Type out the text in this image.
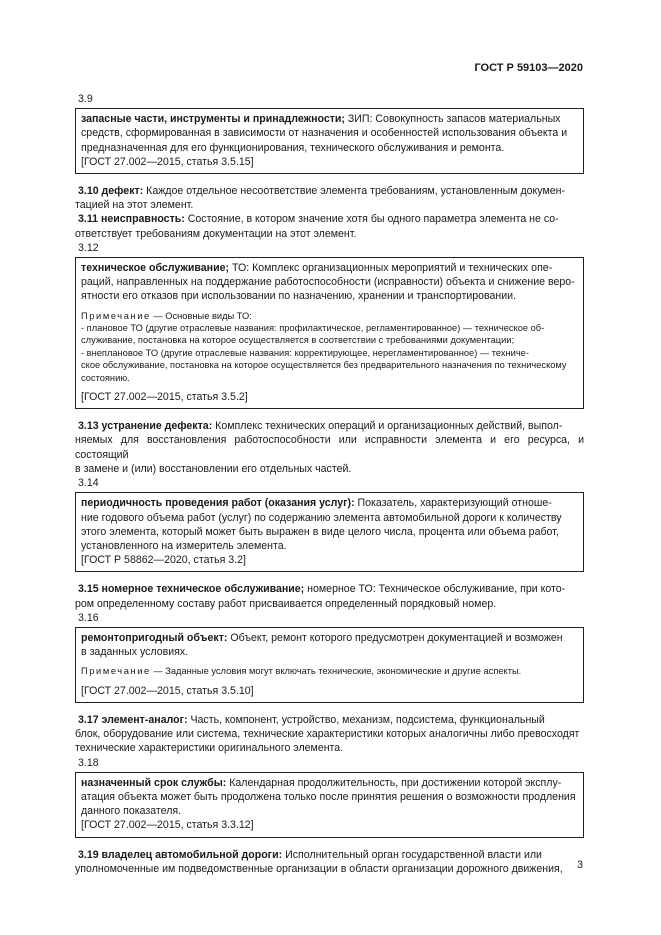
ГОСТ Р 59103—2020

3.9

запасные части, инструменты и принадлежности; ЗИП: Совокупность запасов материальных

средств, сформированная в зависимости от назначения и особенностей использования объекта и

предназначенная для его функционирования, технического обслуживания и ремонта.

[ГОСТ 27.002—2015, статья 3.5.15]

3.10 дефект: Каждое отдельное несоответствие элемента требованиям, установленным докумен-

тацией на этот элемент.

3.11 неисправность: Состояние, в котором значение хотя бы одного параметра элемента не со-

ответствует требованиям документации на этот элемент.

3.12

техническое обслуживание; ТО: Комплекс организационных мероприятий и технических опе-

раций, направленных на поддержание работоспособности (исправности) объекта и снижение веро-

ятности его отказов при использовании по назначению, хранении и транспортировании.

Примечание — Основные виды ТО:

- плановое ТО (другие отраслевые названия: профилактическое, регламентированное) — техническое об-

служивание, постановка на которое осуществляется в соответствии с требованиями документации;

- внеплановое ТО (другие отраслевые названия: корректирующее, нерегламентированное) — техниче-

ское обслуживание, постановка на которое осуществляется без предварительного назначения по техническому

состоянию.

[ГОСТ 27.002—2015, статья 3.5.2]

3.13 устранение дефекта: Комплекс технических операций и организационных действий, выпол-

няемых для восстановления работоспособности или исправности элемента и его ресурса, и состоящий

в замене и (или) восстановлении его отдельных частей.

3.14

периодичность проведения работ (оказания услуг): Показатель, характеризующий отноше-

ние годового объема работ (услуг) по содержанию элемента автомобильной дороги к количеству

этого элемента, который может быть выражен в виде целого числа, процента или объема работ,

установленного на измеритель элемента.

[ГОСТ Р 58862—2020, статья 3.2]

3.15 номерное техническое обслуживание; номерное ТО: Техническое обслуживание, при кото-

ром определенному составу работ присваивается определенный порядковый номер.

3.16

ремонтопригодный объект: Объект, ремонт которого предусмотрен документацией и возможен

в заданных условиях.

Примечание — Заданные условия могут включать технические, экономические и другие аспекты.

[ГОСТ 27.002—2015, статья 3.5.10]

3.17 элемент-аналог: Часть, компонент, устройство, механизм, подсистема, функциональный

блок, оборудование или система, технические характеристики которых аналогичны либо превосходят

технические характеристики оригинального элемента.

3.18

назначенный срок службы: Календарная продолжительность, при достижении которой эксплу-

атация объекта может быть продолжена только после принятия решения о возможности продления

данного показателя.

[ГОСТ 27.002—2015, статья 3.3.12]

3.19 владелец автомобильной дороги: Исполнительный орган государственной власти или

уполномоченные им подведомственные организации в области организации дорожного движения,	3
